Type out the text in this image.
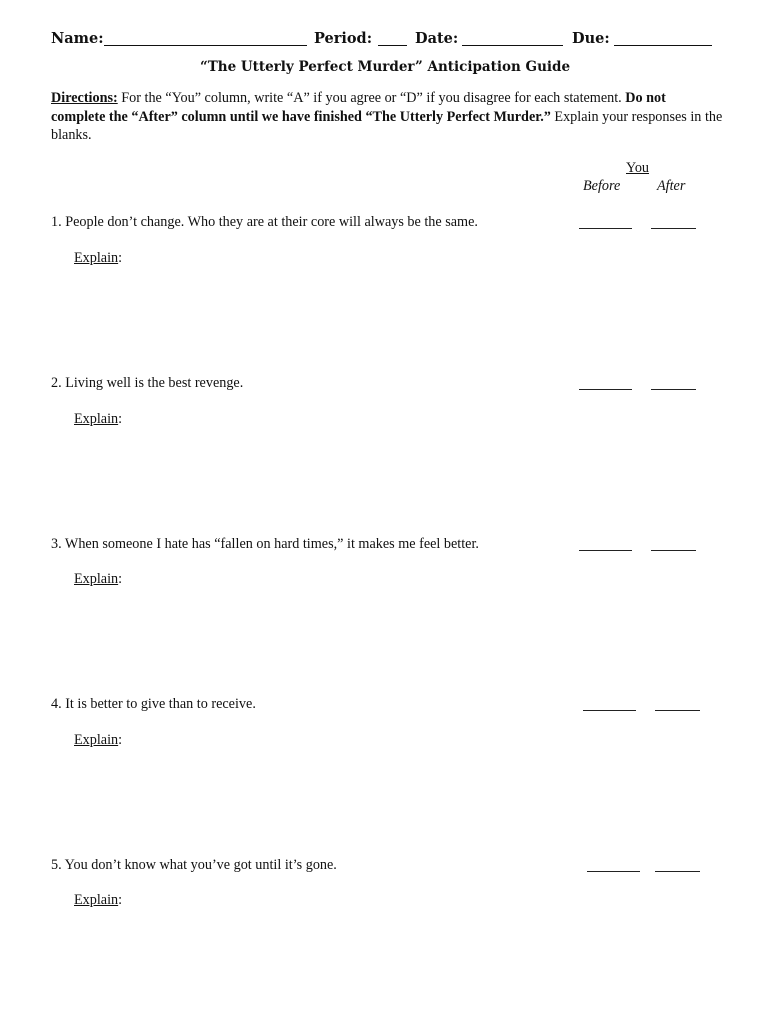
Name:	Period:	Date:	Due:
“The Utterly Perfect Murder” Anticipation Guide
Directions: For the “You” column, write “A” if you agree or “D” if you disagree for each statement. Do not complete the “After” column until we have finished “The Utterly Perfect Murder.” Explain your responses in the blanks.
You
Before	After
1. People don’t change. Who they are at their core will always be the same.
Explain:
2. Living well is the best revenge.
Explain:
3. When someone I hate has “fallen on hard times,” it makes me feel better.
Explain:
4. It is better to give than to receive.
Explain:
5. You don’t know what you’ve got until it’s gone.
Explain:
